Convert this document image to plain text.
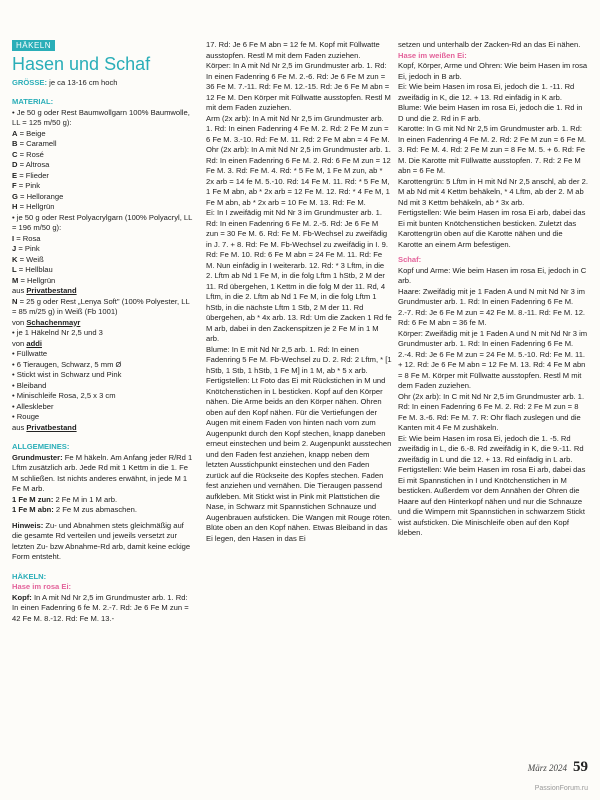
HÄKELN
Hasen und Schaf
GRÖSSE: je ca 13-16 cm hoch
MATERIAL:
• Je 50 g oder Rest Baumwollgarn 100% Baumwolle, LL = 125 m/50 g):
A = Beige
B = Caramell
C = Rosé
D = Altrosa
E = Flieder
F = Pink
G = Hellorange
H = Hellgrün
• je 50 g oder Rest Polyacrylgarn (100% Polyacryl, LL = 196 m/50 g):
I = Rosa
J = Pink
K = Weiß
L = Hellblau
M = Hellgrün
aus Privatbestand
N = 25 g oder Rest „Lenya Soft" (100% Polyester, LL = 85 m/25 g) in Weiß (Fb 1001)
von Schachenmayr
• je 1 Häkelnd Nr 2,5 und 3
von addi
• Füllwatte
• 6 Tieraugen, Schwarz, 5 mm Ø
• Stickt wist in Schwarz und Pink
• Bleiband
• Minischleife Rosa, 2,5 x 3 cm
• Alleskleber
• Rouge
aus Privatbestand
ALLGEMEINES:
Grundmuster: Fe M häkeln. Am Anfang jeder R/Rd 1 Lftm zusätzlich arb. Jede Rd mit 1 Kettm in die 1. Fe M schließen. Ist nichts anderes erwähnt, in jede M 1 Fe M arb.
1 Fe M zun: 2 Fe M in 1 M arb.
1 Fe M abn: 2 Fe M zus abmaschen.
Hinweis: Zu- und Abnahmen stets gleichmäßig auf die gesamte Rd verteilen und jeweils versetzt zur letzten Zu- bzw Abnahme-Rd arb, damit keine eckige Form entsteht.
HÄKELN:
Hase im rosa Ei:
Kopf: In A mit Nd Nr 2,5 im Grundmuster arb. 1. Rd: In einen Fadenring 6 fe M. 2.-7. Rd: Je 6 Fe M zun = 42 Fe M. 8.-12. Rd: Fe M. 13.-
17. Rd: Je 6 Fe M abn = 12 fe M. Kopf mit Füllwatte ausstopfen. Restl M mit dem Faden zuziehen.
Körper: In A mit Nd Nr 2,5 im Grundmuster arb. 1. Rd: In einen Fadenring 6 Fe M. 2.-6. Rd: Je 6 Fe M zun = 36 Fe M. 7.-11. Rd: Fe M. 12.-15. Rd: Je 6 Fe M abn = 12 Fe M. Den Körper mit Füllwatte ausstopfen. Restl M mit dem Faden zuziehen.
Arm (2x arb): In A mit Nd Nr 2,5 im Grundmuster arb. 1. Rd: In einen Fadenring 4 Fe M. 2. Rd: 2 Fe M zun = 6 Fe M. 3.-10. Rd: Fe M. 11. Rd: 2 Fe M abn = 4 Fe M.
Ohr (2x arb): In A mit Nd Nr 2,5 im Grundmuster arb. 1. Rd: In einen Fadenring 6 Fe M. 2. Rd: 6 Fe M zun = 12 Fe M. 3. Rd: Fe M. 4. Rd: * 5 Fe M, 1 Fe M zun, ab * 2x arb = 14 fe M. 5.-10. Rd: 14 Fe M. 11. Rd: * 5 Fe M, 1 Fe M abn, ab * 2x arb = 12 Fe M. 12. Rd: * 4 Fe M, 1 Fe M abn, ab * 2x arb = 10 Fe M. 13. Rd: Fe M.
Ei: In I zweifädig mit Nd Nr 3 im Grundmuster arb. 1. Rd: In einen Fadenring 6 Fe M. 2.-5. Rd: Je 6 Fe M zun = 30 Fe M. 6. Rd: Fe M. Fb-Wechsel zu zweifädig in J. 7. + 8. Rd: Fe M. Fb-Wechsel zu zweifädig in I. 9. Rd: Fe M. 10. Rd: 6 Fe M abn = 24 Fe M. 11. Rd: Fe M. Nun einfädig in I weiterarb. 12. Rd: * 3 Lftm, in die 2. Lftm ab Nd 1 Fe M, in die folg Lftm 1 hStb, 2 M der 11. Rd übergehen, 1 Kettm in die folg M der 11. Rd, 4 Lftm, in die 2. Lftm ab Nd 1 Fe M, in die folg Lftm 1 hStb, in die nächste Lftm 1 Stb, 2 M der 11. Rd übergehen, ab * 4x arb. 13. Rd: Um die Zacken 1 Rd fe M arb, dabei in den Zackenspitzen je 2 Fe M in 1 M arb.
Blume: In E mit Nd Nr 2,5 arb. 1. Rd: In einen Fadenring 5 Fe M. Fb-Wechsel zu D. 2. Rd: 2 Lftm, * [1 hStb, 1 Stb, 1 hStb, 1 Fe M] in 1 M, ab * 5 x arb.
Fertigstellen: Lt Foto das Ei mit Rückstichen in M und Knötchenstichen in L besticken. Kopf auf den Körper nähen. Die Arme beids an den Körper nähen. Ohren oben auf den Kopf nähen. Für die Vertiefungen der Augen mit einem Faden von hinten nach vorn zum Augenpunkt durch den Kopf stechen, knapp daneben erneut einstechen und beim 2. Augenpunkt ausstechen und den Faden fest anziehen, knapp neben dem letzten Ausstichpunkt einstechen und den Faden zurück auf die Rückseite des Kopfes stechen. Faden fest anziehen und vernähen. Die Tieraugen passend aufkleben. Mit Stickt wist in Pink mit Plattstichen die Nase, in Schwarz mit Spannstichen Schnauze und Augenbrauen aufsticken. Die Wangen mit Rouge röten. Blüte oben an den Kopf nähen. Etwas Bleiband in das Ei legen, den Hasen in das Ei
setzen und unterhalb der Zacken-Rd an das Ei nähen.
Hase im weißen Ei:
Kopf, Körper, Arme und Ohren: Wie beim Hasen im rosa Ei, jedoch in B arb.
Ei: Wie beim Hasen im rosa Ei, jedoch die 1. -11. Rd zweifädig in K, die 12. + 13. Rd einfädig in K arb.
Blume: Wie beim Hasen im rosa Ei, jedoch die 1. Rd in D und die 2. Rd in F arb.
Karotte: In G mit Nd Nr 2,5 im Grundmuster arb. 1. Rd: In einen Fadenring 4 Fe M. 2. Rd: 2 Fe M zun = 6 Fe M. 3. Rd: Fe M. 4. Rd: 2 Fe M zun = 8 Fe M. 5. + 6. Rd: Fe M. Die Karotte mit Füllwatte ausstopfen. 7. Rd: 2 Fe M abn = 6 Fe M.
Karottengrün: 5 Lftm in H mit Nd Nr 2,5 anschl, ab der 2. M ab Nd mit 4 Kettm behäkeln, * 4 Lftm, ab der 2. M ab Nd mit 3 Kettm behäkeln, ab * 3x arb.
Fertigstellen: Wie beim Hasen im rosa Ei arb, dabei das Ei mit bunten Knötchenstichen besticken. Zuletzt das Karottengrün oben auf die Karotte nähen und die Karotte an einem Arm befestigen.
Schaf:
Kopf und Arme: Wie beim Hasen im rosa Ei, jedoch in C arb.
Haare: Zweifädig mit je 1 Faden A und N mit Nd Nr 3 im Grundmuster arb. 1. Rd: In einen Fadenring 6 Fe M. 2.-7. Rd: Je 6 Fe M zun = 42 Fe M. 8.-11. Rd: Fe M. 12. Rd: 6 Fe M abn = 36 fe M.
Körper: Zweifädig mit je 1 Faden A und N mit Nd Nr 3 im Grundmuster arb. 1. Rd: In einen Fadenring 6 Fe M. 2.-4. Rd: Je 6 Fe M zun = 24 Fe M. 5.-10. Rd: Fe M. 11. + 12. Rd: Je 6 Fe M abn = 12 Fe M. 13. Rd: 4 Fe M abn = 8 Fe M. Körper mit Füllwatte ausstopfen. Restl M mit dem Faden zuziehen.
Ohr (2x arb): In C mit Nd Nr 2,5 im Grundmuster arb. 1. Rd: In einen Fadenring 6 Fe M. 2. Rd: 2 Fe M zun = 8 Fe M. 3.-6. Rd: Fe M. 7. R: Ohr flach zuslegen und die Kanten mit 4 Fe M zushäkeln.
Ei: Wie beim Hasen im rosa Ei, jedoch die 1. -5. Rd zweifädig in L, die 6.-8. Rd zweifädig in K, die 9.-11. Rd zweifädig in L und die 12. + 13. Rd einfädig in L arb.
Fertigstellen: Wie beim Hasen im rosa Ei arb, dabei das Ei mit Spannstichen in I und Knötchenstichen in M besticken. Außerdem vor dem Annähen der Ohren die Haare auf den Hinterkopf nähen und nur die Schnauze und die Wimpern mit Spannstichen in schwarzem Stickt wist aufsticken. Die Minischleife oben auf den Kopf kleben.
März 2024 59
PassionForum.ru
